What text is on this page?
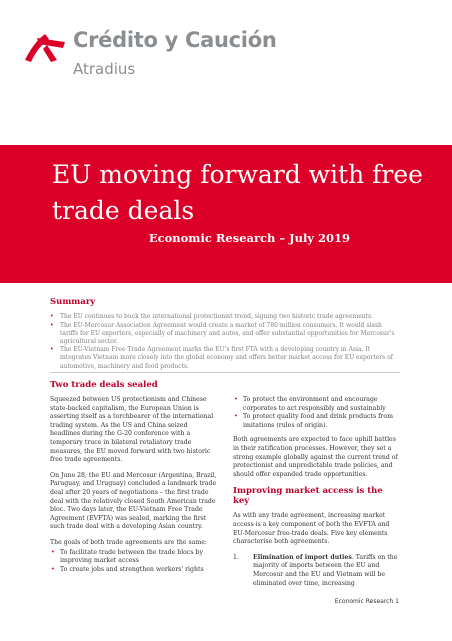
Crédito y Caución
Atradius
EU moving forward with free trade deals
Economic Research – July 2019
Summary
• The EU continues to buck the international protectionist trend, signing two historic trade agreements.
• The EU-Mercosur Association Agreement would create a market of 780 million consumers. It would slash tariffs for EU exporters, especially of machinery and autos, and offer substantial opportunities for Mercosur's agricultural sector.
• The EU-Vietnam Free Trade Agreement marks the EU's first FTA with a developing country in Asia. It integrates Vietnam more closely into the global economy and offers better market access for EU exporters of automotive, machinery and food products.
Two trade deals sealed

Squeezed between US protectionism and Chinese state-backed capitalism, the European Union is asserting itself as a torchbearer of the international trading system. As the US and China seized headlines during the G-20 conference with a temporary truce in bilateral retaliatory trade measures, the EU moved forward with two historic free trade agreements.

On June 28, the EU and Mercosur (Argentina, Brazil, Paraguay, and Uruguay) concluded a landmark trade deal after 20 years of negotiations – the first trade deal with the relatively closed South American trade bloc. Two days later, the EU-Vietnam Free Trade Agreement (EVFTA) was sealed, marking the first such trade deal with a developing Asian country.

The goals of both trade agreements are the same:

• To facilitate trade between the trade blocs by improving market access
• To create jobs and strengthen workers' rights
• To protect the environment and encourage corporates to act responsibly and sustainably
• To protect quality food and drink products from imitations (rules of origin).

Both agreements are expected to face uphill battles in their ratification processes. However, they set a strong example globally against the current trend of protectionist and unpredictable trade policies, and should offer expanded trade opportunities.

Improving market access is the key

As with any trade agreement, increasing market access is a key component of both the EVFTA and EU-Mercosur free-trade deals. Five key elements characterise both agreements.

1. Elimination of import duties. Tariffs on the majority of imports between the EU and Mercosur and the EU and Vietnam will be eliminated over time, increasing
Economic Research 1
